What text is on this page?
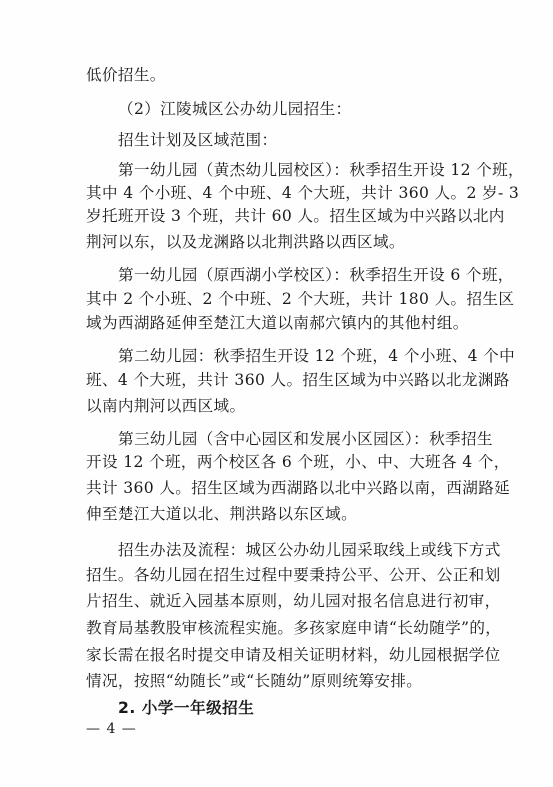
低价招生。
（2）江陵城区公办幼儿园招生：
招生计划及区域范围：
第一幼儿园（黄杰幼儿园校区）：秋季招生开设 12 个班，
其中 4 个小班、4 个中班、4 个大班，共计 360 人。2 岁- 3
岁托班开设 3 个班，共计 60 人。招生区域为中兴路以北内
荆河以东，以及龙渊路以北荆洪路以西区域。
第一幼儿园（原西湖小学校区）：秋季招生开设 6 个班，
其中 2 个小班、2 个中班、2 个大班，共计 180 人。招生区
域为西湖路延伸至楚江大道以南郝穴镇内的其他村组。
第二幼儿园：秋季招生开设 12 个班，4 个小班、4 个中
班、4 个大班，共计 360 人。招生区域为中兴路以北龙渊路
以南内荆河以西区域。
第三幼儿园（含中心园区和发展小区园区）：秋季招生
开设 12 个班，两个校区各 6 个班，小、中、大班各 4 个，
共计 360 人。招生区域为西湖路以北中兴路以南，西湖路延
伸至楚江大道以北、荆洪路以东区域。
招生办法及流程：城区公办幼儿园采取线上或线下方式
招生。各幼儿园在招生过程中要秉持公平、公开、公正和划
片招生、就近入园基本原则，幼儿园对报名信息进行初审，
教育局基教股审核流程实施。多孩家庭申请“长幼随学”的，
家长需在报名时提交申请及相关证明材料，幼儿园根据学位
情况，按照“幼随长”或“长随幼”原则统筹安排。
2. 小学一年级招生
— 4 —
